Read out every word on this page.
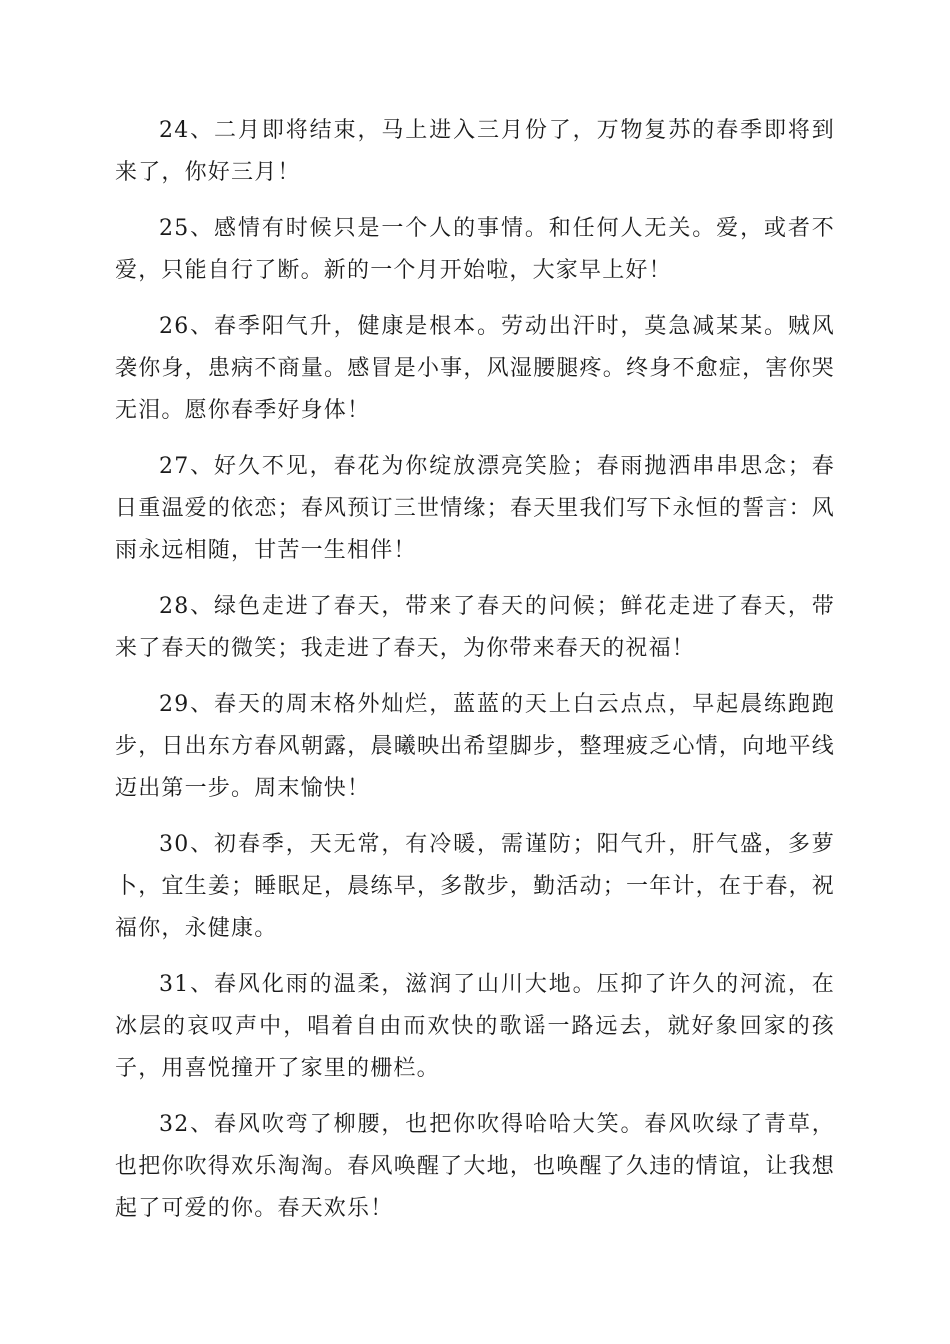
24、二月即将结束，马上进入三月份了，万物复苏的春季即将到来了，你好三月！

25、感情有时候只是一个人的事情。和任何人无关。爱，或者不爱，只能自行了断。新的一个月开始啦，大家早上好！

26、春季阳气升，健康是根本。劳动出汗时，莫急减某某。贼风袭你身，患病不商量。感冒是小事，风湿腰腿疼。终身不愈症，害你哭无泪。愿你春季好身体！

27、好久不见，春花为你绽放漂亮笑脸；春雨抛洒串串思念；春日重温爱的依恋；春风预订三世情缘；春天里我们写下永恒的誓言：风雨永远相随，甘苦一生相伴！

28、绿色走进了春天，带来了春天的问候；鲜花走进了春天，带来了春天的微笑；我走进了春天，为你带来春天的祝福！

29、春天的周末格外灿烂，蓝蓝的天上白云点点，早起晨练跑跑步，日出东方春风朝露，晨曦映出希望脚步，整理疲乏心情，向地平线迈出第一步。周末愉快！

30、初春季，天无常，有冷暖，需谨防；阳气升，肝气盛，多萝卜，宜生姜；睡眠足，晨练早，多散步，勤活动；一年计，在于春，祝福你，永健康。

31、春风化雨的温柔，滋润了山川大地。压抑了许久的河流，在冰层的哀叹声中，唱着自由而欢快的歌谣一路远去，就好象回家的孩子，用喜悦撞开了家里的栅栏。

32、春风吹弯了柳腰，也把你吹得哈哈大笑。春风吹绿了青草，也把你吹得欢乐淘淘。春风唤醒了大地，也唤醒了久违的情谊，让我想起了可爱的你。春天欢乐！
